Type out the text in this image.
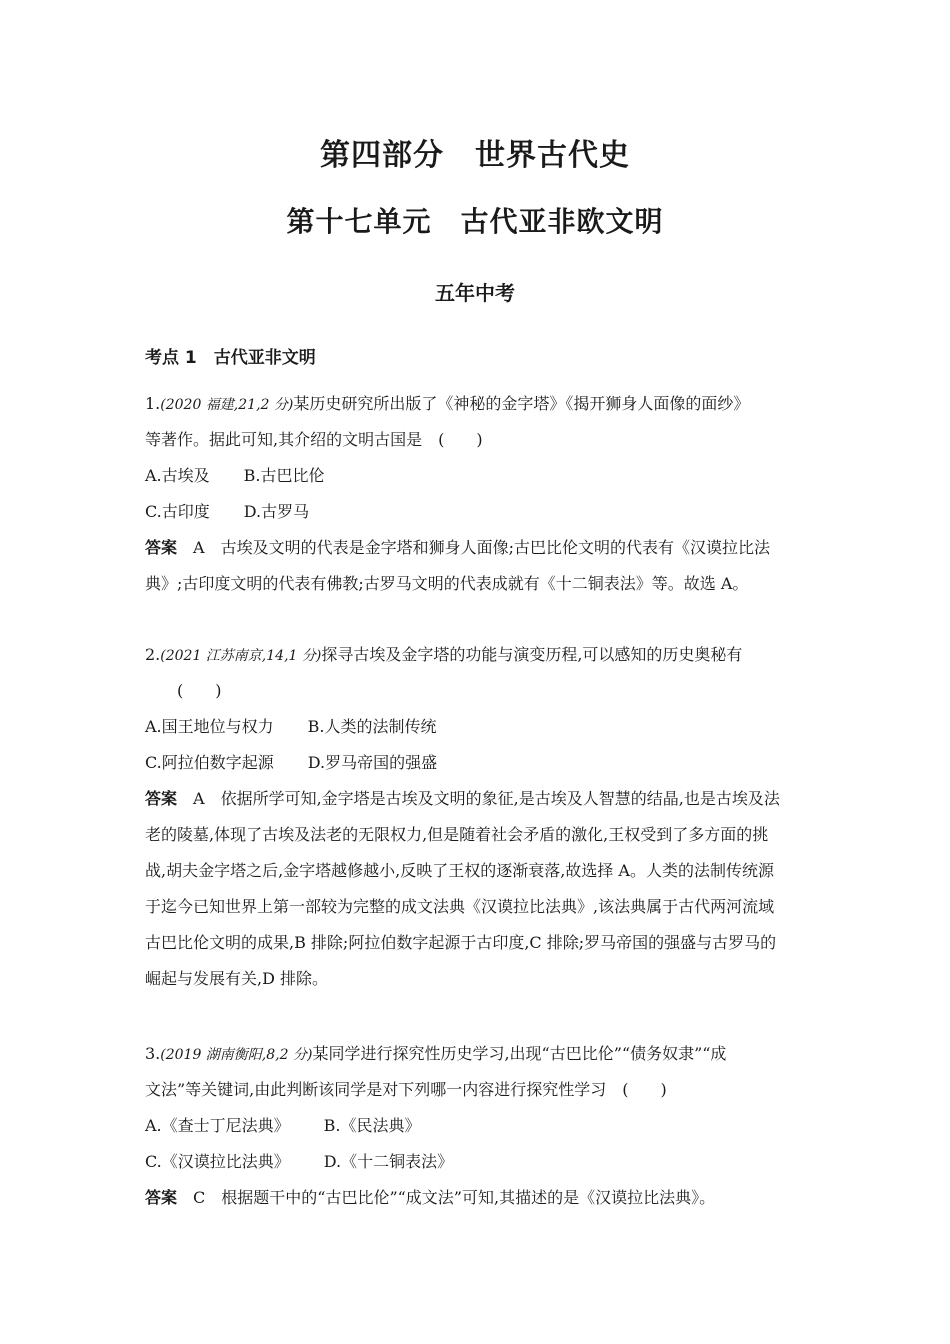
第四部分　世界古代史
第十七单元　古代亚非欧文明
五年中考
考点 1　古代亚非文明
1.(2020 福建,21,2 分)某历史研究所出版了《神秘的金字塔》《揭开狮身人面像的面纱》
等著作。据此可知,其介绍的文明古国是　(　　)
A.古埃及 B.古巴比伦
C.古印度 D.古罗马
答案　A　古埃及文明的代表是金字塔和狮身人面像;古巴比伦文明的代表有《汉谟拉比法
典》;古印度文明的代表有佛教;古罗马文明的代表成就有《十二铜表法》等。故选 A。
2.(2021 江苏南京,14,1 分)探寻古埃及金字塔的功能与演变历程,可以感知的历史奥秘有
(　　)
A.国王地位与权力 B.人类的法制传统
C.阿拉伯数字起源 D.罗马帝国的强盛
答案　A　依据所学可知,金字塔是古埃及文明的象征,是古埃及人智慧的结晶,也是古埃及法
老的陵墓,体现了古埃及法老的无限权力,但是随着社会矛盾的激化,王权受到了多方面的挑
战,胡夫金字塔之后,金字塔越修越小,反映了王权的逐渐衰落,故选择 A。人类的法制传统源
于迄今已知世界上第一部较为完整的成文法典《汉谟拉比法典》,该法典属于古代两河流域
古巴比伦文明的成果,B 排除;阿拉伯数字起源于古印度,C 排除;罗马帝国的强盛与古罗马的
崛起与发展有关,D 排除。
3.(2019 湖南衡阳,8,2 分)某同学进行探究性历史学习,出现“古巴比伦”“债务奴隶”“成
文法”等关键词,由此判断该同学是对下列哪一内容进行探究性学习　(　　)
A.《查士丁尼法典》 B.《民法典》
C.《汉谟拉比法典》 D.《十二铜表法》
答案　C　根据题干中的“古巴比伦”“成文法”可知,其描述的是《汉谟拉比法典》。
